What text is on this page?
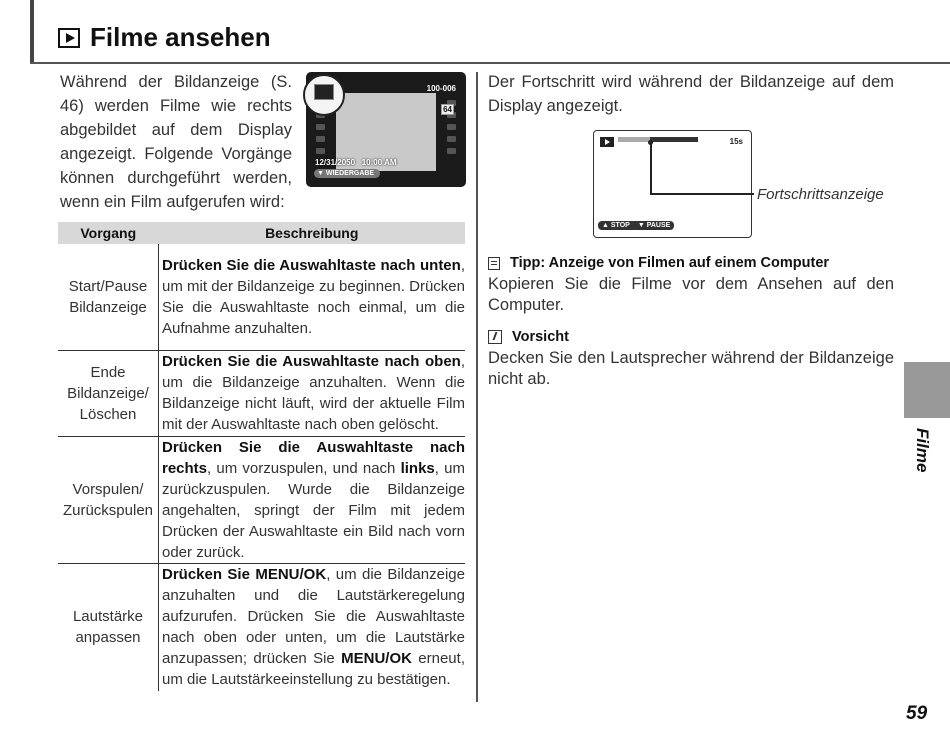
Filme ansehen
Während der Bildanzeige (S. 46) werden Filme wie rechts abgebildet auf dem Display angezeigt. Folgende Vorgänge können durchgeführt werden, wenn ein Film aufgerufen wird:
100-006
64
12/31/2050 10:00 AM
▼ WIEDERGABE
Vorgang	Beschreibung
Start/Pause Bildanzeige	Drücken Sie die Auswahltaste nach unten, um mit der Bildanzeige zu beginnen. Drücken Sie die Auswahltaste noch einmal, um die Aufnahme anzuhalten.
Ende Bildanzeige/ Löschen	Drücken Sie die Auswahltaste nach oben, um die Bildanzeige anzuhalten. Wenn die Bildanzeige nicht läuft, wird der aktuelle Film mit der Auswahltaste nach oben gelöscht.
Vorspulen/ Zurückspulen	Drücken Sie die Auswahltaste nach rechts, um vorzuspulen, und nach links, um zurückzuspulen. Wurde die Bildanzeige angehalten, springt der Film mit jedem Drücken der Auswahltaste ein Bild nach vorn oder zurück.
Lautstärke anpassen	Drücken Sie MENU/OK, um die Bildanzeige anzuhalten und die Lautstärkeregelung aufzurufen. Drücken Sie die Auswahltaste nach oben oder unten, um die Lautstärke anzupassen; drücken Sie MENU/OK erneut, um die Lautstärkeeinstellung zu bestätigen.
Der Fortschritt wird während der Bildanzeige auf dem Display angezeigt.
15s
▲ STOP ▼ PAUSE
Fortschrittsanzeige
Tipp: Anzeige von Filmen auf einem Computer
Kopieren Sie die Filme vor dem Ansehen auf den Computer.
Vorsicht
Decken Sie den Lautsprecher während der Bildanzeige nicht ab.
Filme
59
